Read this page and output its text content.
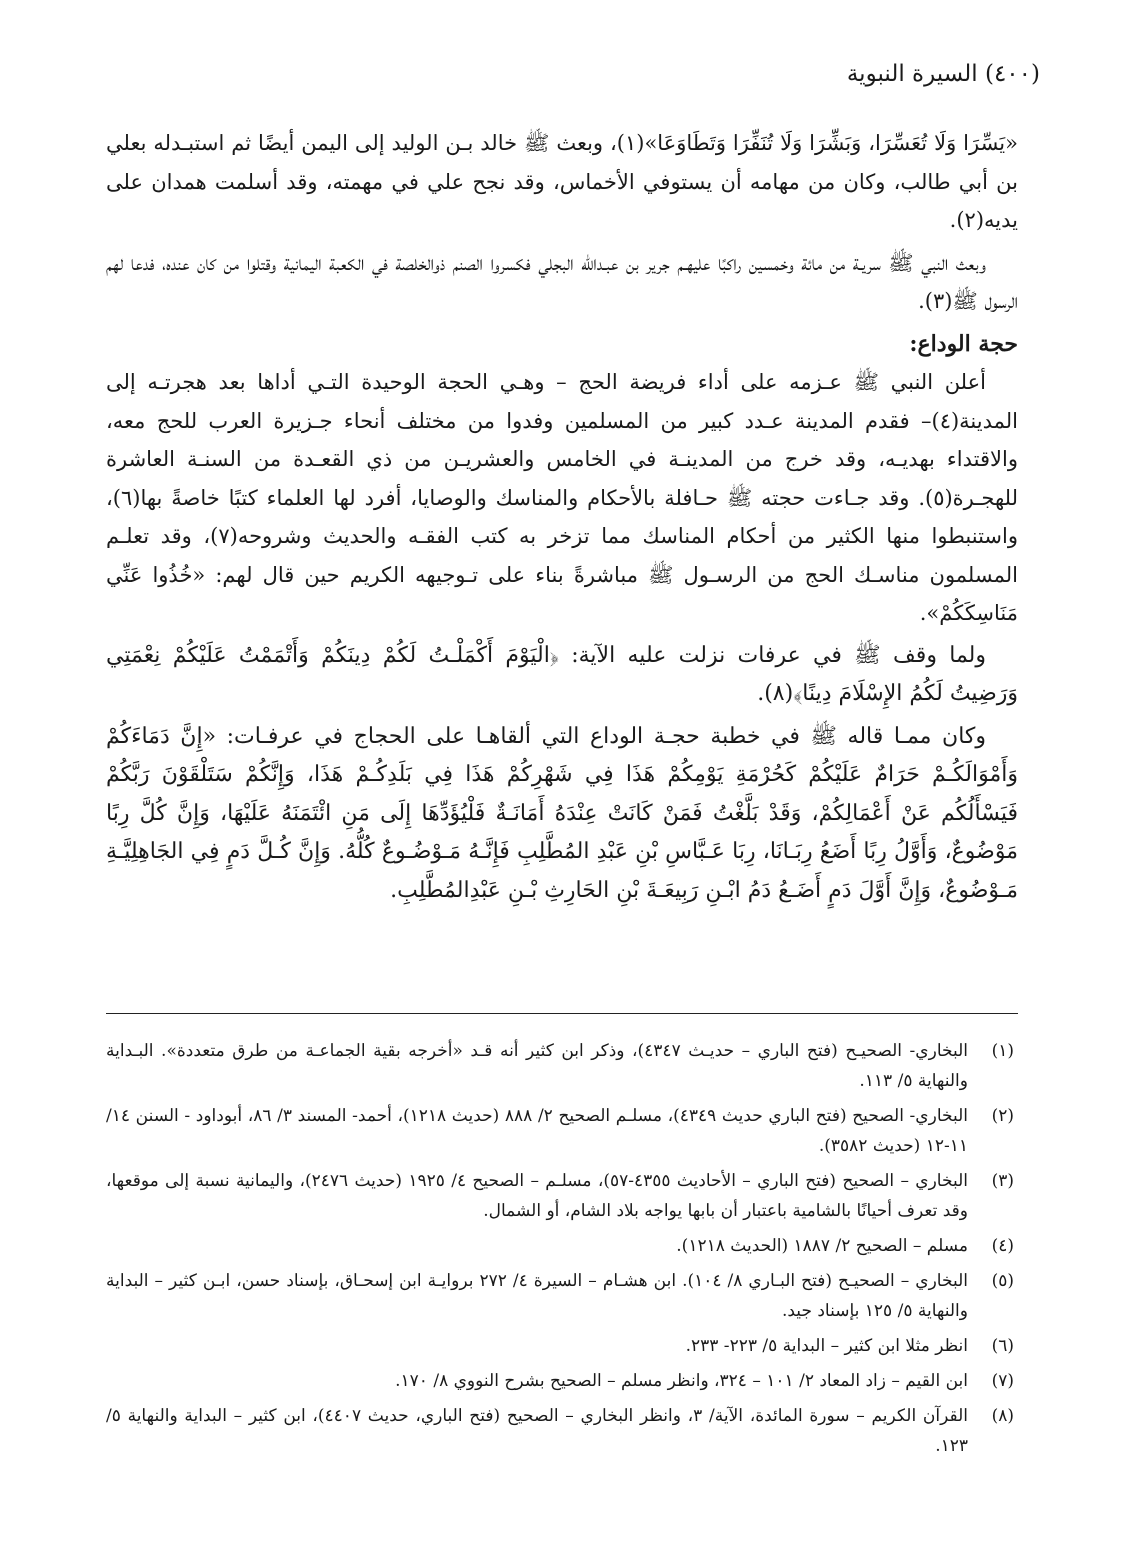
(٤٠٠) السيرة النبوية

«يَسِّرَا وَلَا تُعَسِّرَا، وَبَشِّرَا وَلَا تُنَفِّرَا وَتَطَاوَعَا»(١)، وبعث ﷺ خالد بـن الوليد إلى اليمن أيضًا ثم استبـدله بعلي بن أبي طالب، وكان من مهامه أن يستوفي الأخماس، وقد نجح علي في مهمته، وقد أسلمت همدان على يديه(٢).

وبعث النبي ﷺ سريـة من مائة وخمسين راكبًا عليهـم جرير بن عبـدالله البجلي فكسروا الصنم ذوالخلصة في الكعبة اليمانية وقتلوا من كان عنده، فدعا لهم الرسول ﷺ(٣).

حجة الوداع:

أعلن النبي ﷺ عـزمه على أداء فريضة الحج – وهـي الحجة الوحيدة التـي أداها بعد هجرتـه إلى المدينة(٤)– فقدم المدينة عـدد كبير من المسلمين وفدوا من مختلف أنحاء جـزيرة العرب للحج معه، والاقتداء بهديـه، وقد خرج من المدينـة في الخامس والعشريـن من ذي القعـدة من السنـة العاشرة للهجـرة(٥). وقد جـاءت حجته ﷺ حـافلة بالأحكام والمناسك والوصايا، أفرد لها العلماء كتبًا خاصةً بها(٦)، واستنبطوا منها الكثير من أحكام المناسك مما تزخر به كتب الفقـه والحديث وشروحه(٧)، وقد تعلـم المسلمون مناسـك الحج من الرسـول ﷺ مباشرةً بناء على تـوجيهه الكريم حين قال لهم: «خُذُوا عَنِّي مَنَاسِكَكُمْ».

ولما وقف ﷺ في عرفات نزلت عليه الآية: ﴿الْيَوْمَ أَكْمَلْـتُ لَكُمْ دِينَكُمْ وَأَتْمَمْتُ عَلَيْكُمْ نِعْمَتِي وَرَضِيتُ لَكُمُ الإِسْلَامَ دِينًا﴾(٨).

وكان ممـا قاله ﷺ في خطبة حجـة الوداع التي ألقاهـا على الحجاج في عرفـات: «إِنَّ دَمَاءَكُمْ وَأَمْوَالَكُـمْ حَرَامٌ عَلَيْكُمْ كَحُرْمَةِ يَوْمِكُمْ هَذَا فِي شَهْرِكُمْ هَذَا فِي بَلَدِكُـمْ هَذَا، وَإِنَّكُمْ سَتَلْقَوْنَ رَبَّكُمْ فَيَسْأَلُكُم عَنْ أَعْمَالِكُمْ، وَقَدْ بَلَّغْتُ فَمَنْ كَانَتْ عِنْدَهُ أَمَانَـةٌ فَلْيُؤَدِّهَا إِلَى مَنِ ائْتَمَنَهُ عَلَيْهَا، وَإِنَّ كُلَّ رِبًا مَوْضُوعٌ، وَأَوَّلُ رِبًا أَضَعُ رِبَـانَا، رِبَا عَـبَّاسِ بْنِ عَبْدِ المُطَّلِبِ فَإِنَّـهُ مَـوْضُـوعٌ كُلُّهُ. وَإِنَّ كُـلَّ دَمٍ فِي الجَاهِلِيَّـةِ مَـوْضُوعٌ، وَإِنَّ أَوَّلَ دَمٍ أَضَـعُ دَمُ ابْـنِ رَبِيعَـةَ بْنِ الحَارِثِ بْـنِ عَبْدِالمُطَّلِبِ.

(١)
البخاري- الصحيـح (فتح الباري – حديـث ٤٣٤٧)، وذكر ابن كثير أنه قـد «أخرجه بقية الجماعـة من طرق متعددة». البـداية والنهاية ٥/ ١١٣.
(٢)
البخاري- الصحيح (فتح الباري حديث ٤٣٤٩)، مسلـم الصحيح ٢/ ٨٨٨ (حديث ١٢١٨)، أحمد- المسند ٣/ ٨٦، أبوداود - السنن ١٤/ ١١-١٢ (حديث ٣٥٨٢).
(٣)
البخاري – الصحيح (فتح الباري – الأحاديث ٤٣٥٥-٥٧)، مسلـم – الصحيح ٤/ ١٩٢٥ (حديث ٢٤٧٦)، واليمانية نسبة إلى موقعها، وقد تعرف أحيانًا بالشامية باعتبار أن بابها يواجه بلاد الشام، أو الشمال.
(٤)
مسلم – الصحيح ٢/ ١٨٨٧ (الحديث ١٢١٨).
(٥)
البخاري – الصحيـح (فتح البـاري ٨/ ١٠٤). ابن هشـام – السيرة ٤/ ٢٧٢ بروايـة ابن إسحـاق، بإسناد حسن، ابـن كثير – البداية والنهاية ٥/ ١٢٥ بإسناد جيد.
(٦)
انظر مثلا ابن كثير – البداية ٥/ ٢٢٣- ٢٣٣.
(٧)
ابن القيم – زاد المعاد ٢/ ١٠١ – ٣٢٤، وانظر مسلم – الصحيح بشرح النووي ٨/ ١٧٠.
(٨)
القرآن الكريم – سورة المائدة، الآية/ ٣، وانظر البخاري – الصحيح (فتح الباري، حديث ٤٤٠٧)، ابن كثير – البداية والنهاية ٥/ ١٢٣.
